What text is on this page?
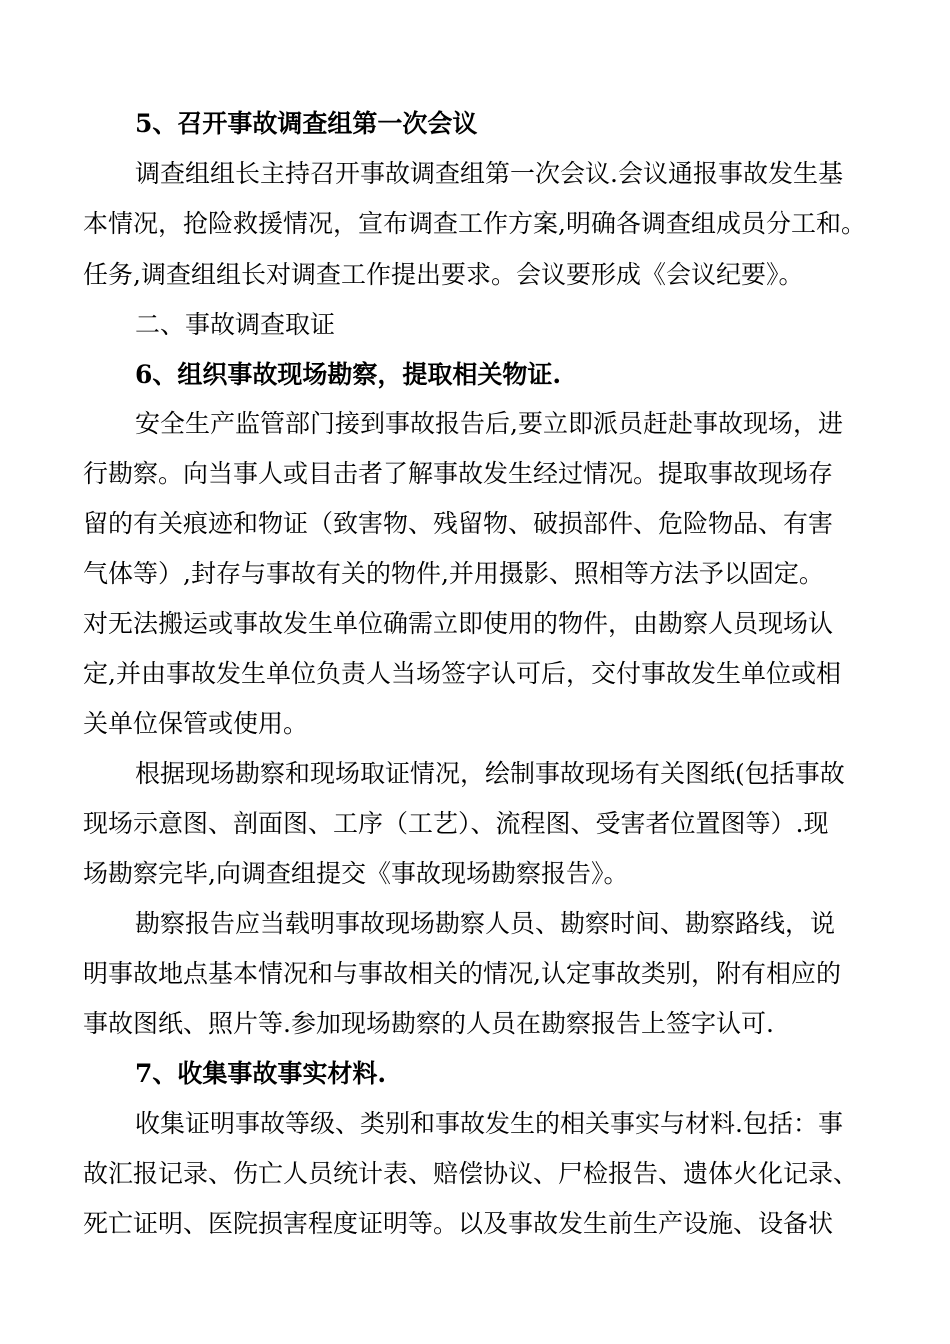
5、召开事故调查组第一次会议
调查组组长主持召开事故调查组第一次会议.会议通报事故发生基
本情况，抢险救援情况，宣布调查工作方案,明确各调查组成员分工和。
任务,调查组组长对调查工作提出要求。会议要形成《会议纪要》。
二、事故调查取证
6、组织事故现场勘察，提取相关物证.
安全生产监管部门接到事故报告后,要立即派员赶赴事故现场，进
行勘察。向当事人或目击者了解事故发生经过情况。提取事故现场存
留的有关痕迹和物证（致害物、残留物、破损部件、危险物品、有害
气体等）,封存与事故有关的物件,并用摄影、照相等方法予以固定。
对无法搬运或事故发生单位确需立即使用的物件，由勘察人员现场认
定,并由事故发生单位负责人当场签字认可后，交付事故发生单位或相
关单位保管或使用。
根据现场勘察和现场取证情况，绘制事故现场有关图纸(包括事故
现场示意图、剖面图、工序（工艺）、流程图、受害者位置图等）.现
场勘察完毕,向调查组提交《事故现场勘察报告》。
勘察报告应当载明事故现场勘察人员、勘察时间、勘察路线，说
明事故地点基本情况和与事故相关的情况,认定事故类别，附有相应的
事故图纸、照片等.参加现场勘察的人员在勘察报告上签字认可.
7、收集事故事实材料.
收集证明事故等级、类别和事故发生的相关事实与材料.包括：事
故汇报记录、伤亡人员统计表、赔偿协议、尸检报告、遗体火化记录、
死亡证明、医院损害程度证明等。以及事故发生前生产设施、设备状
